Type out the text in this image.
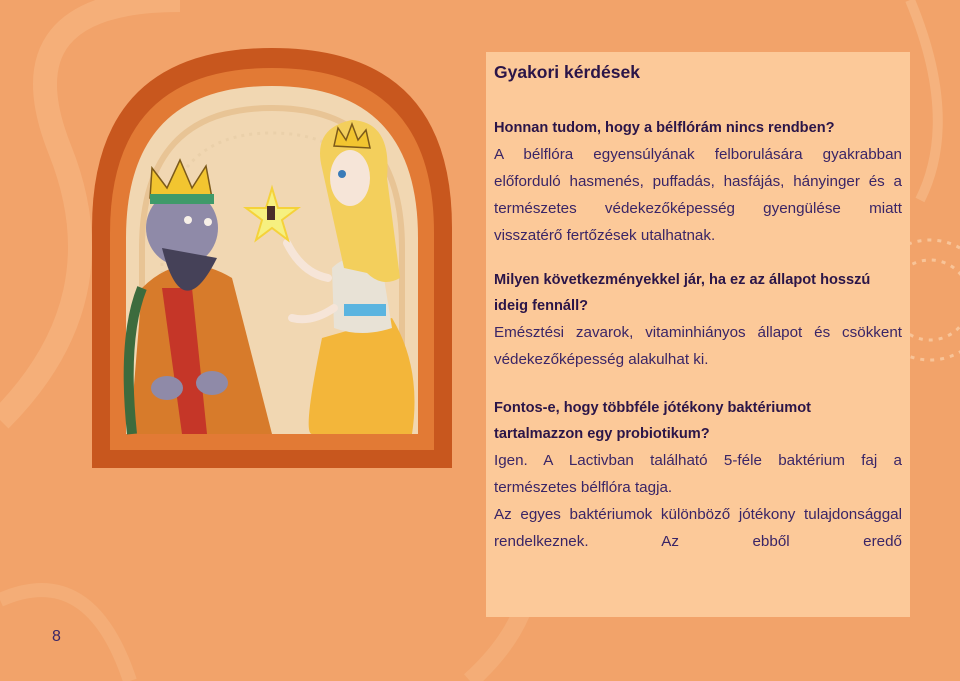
Gyakori kérdések

Honnan tudom, hogy a bélflórám nincs rendben?

A bélflóra egyensúlyának felborulására gyakrabban előforduló hasmenés, puffadás, hasfájás, hányinger és a természetes védekezőképesség gyengülése miatt visszatérő fertőzések utalhatnak.

Milyen következményekkel jár, ha ez az állapot hosszú ideig fennáll?

Emésztési zavarok, vitaminhiányos állapot és csökkent védekezőképesség alakulhat ki.

Fontos-e, hogy többféle jótékony baktériumot tartalmazzon egy probiotikum?

Igen. A Lactivban található 5-féle baktérium faj a természetes bélflóra tagja.

Az egyes baktériumok különböző jótékony tulajdonsággal rendelkeznek. Az ebből eredő

8
